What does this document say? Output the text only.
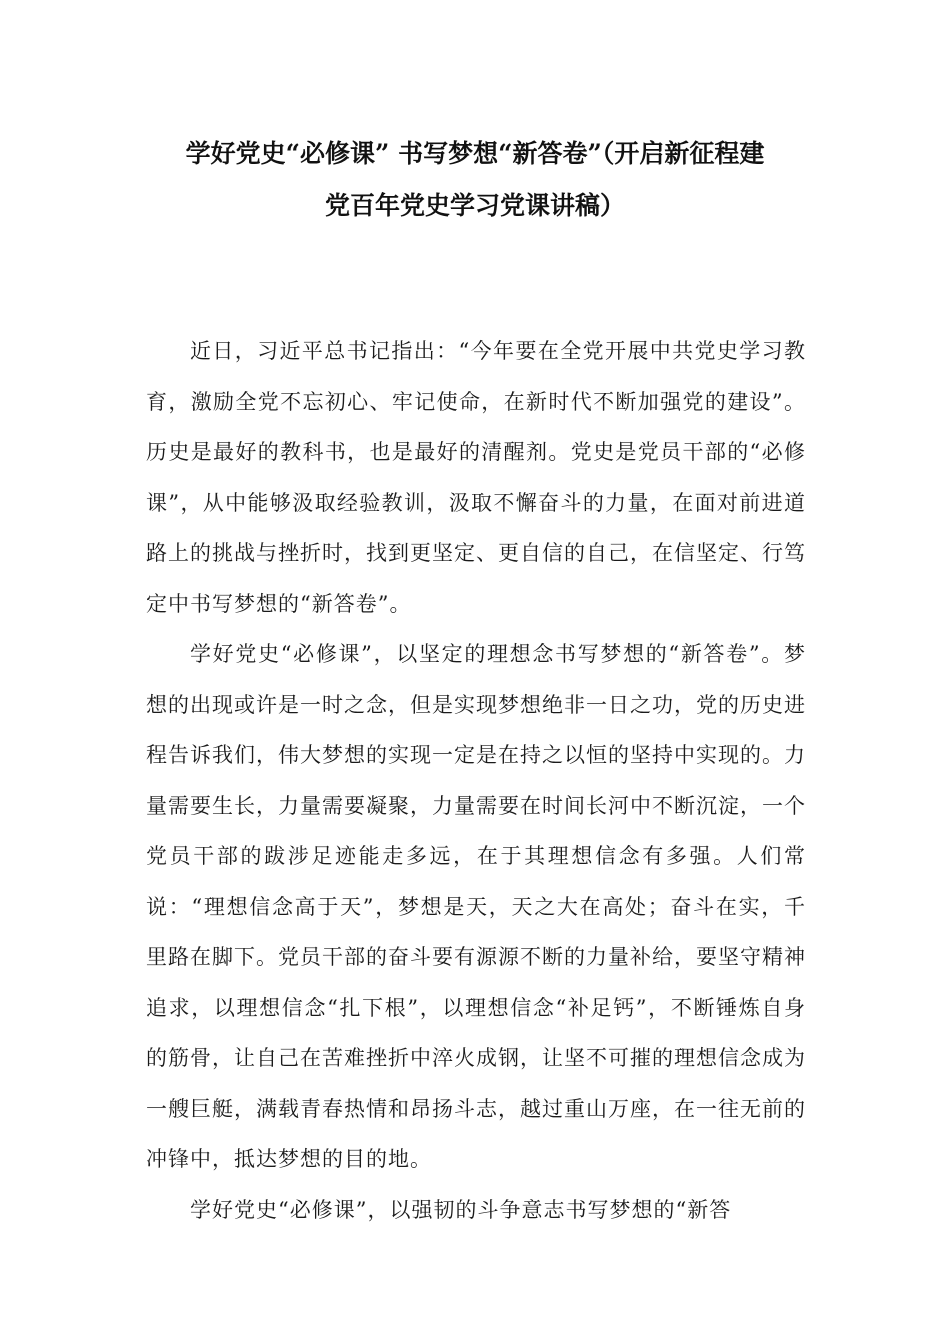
学好党史“必修课” 书写梦想“新答卷”（开启新征程建
党百年党史学习党课讲稿）

近日，习近平总书记指出：“今年要在全党开展中共党史学习教育，激励全党不忘初心、牢记使命，在新时代不断加强党的建设”。历史是最好的教科书，也是最好的清醒剂。党史是党员干部的“必修课”，从中能够汲取经验教训，汲取不懈奋斗的力量，在面对前进道路上的挑战与挫折时，找到更坚定、更自信的自己，在信坚定、行笃定中书写梦想的“新答卷”。

学好党史“必修课”，以坚定的理想念书写梦想的“新答卷”。梦想的出现或许是一时之念，但是实现梦想绝非一日之功，党的历史进程告诉我们，伟大梦想的实现一定是在持之以恒的坚持中实现的。力量需要生长，力量需要凝聚，力量需要在时间长河中不断沉淀，一个党员干部的跋涉足迹能走多远，在于其理想信念有多强。人们常说：“理想信念高于天”，梦想是天，天之大在高处；奋斗在实，千里路在脚下。党员干部的奋斗要有源源不断的力量补给，要坚守精神追求，以理想信念“扎下根”，以理想信念“补足钙”，不断锤炼自身的筋骨，让自己在苦难挫折中淬火成钢，让坚不可摧的理想信念成为一艘巨艇，满载青春热情和昂扬斗志，越过重山万座，在一往无前的冲锋中，抵达梦想的目的地。

学好党史“必修课”，以强韧的斗争意志书写梦想的“新答
